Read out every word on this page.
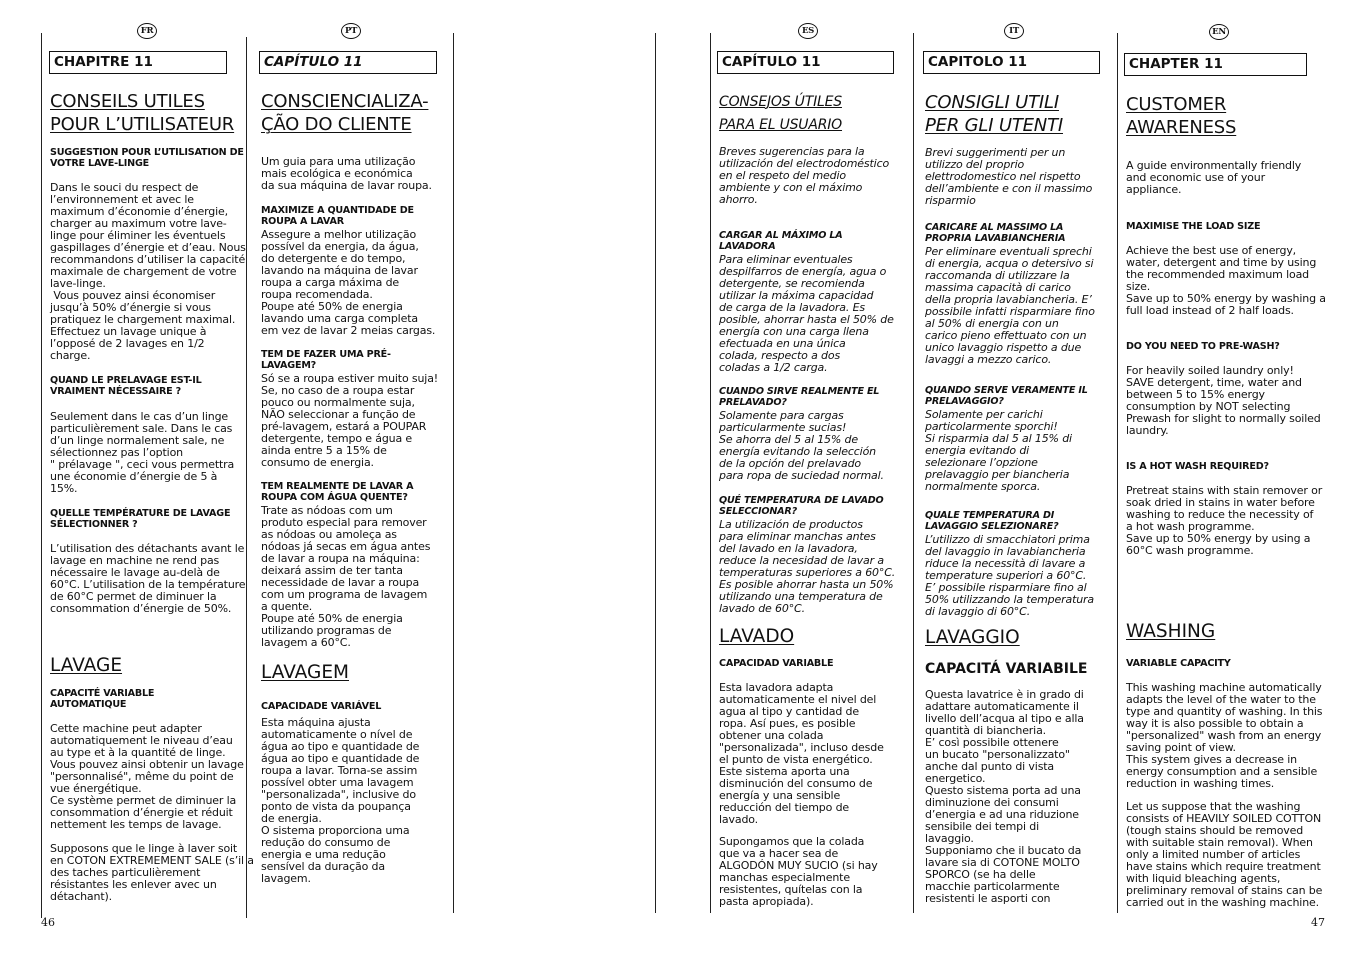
FR
CHAPITRE 11
CONSEILS UTILES
POUR L’UTILISATEUR
SUGGESTION POUR L’UTILISATION DE
VOTRE LAVE-LINGE
Dans le souci du respect de
l’environnement et avec le
maximum d’économie d’énergie,
charger au maximum votre lave-
linge pour éliminer les éventuels
gaspillages d’énergie et d’eau. Nous
recommandons d’utiliser la capacité
maximale de chargement de votre
lave-linge.
Vous pouvez ainsi économiser
jusqu’à 50% d’énergie si vous
pratiquez le chargement maximal.
Effectuez un lavage unique à
l’opposé de 2 lavages en 1/2
charge.
QUAND LE PRELAVAGE EST-IL
VRAIMENT NÉCESSAIRE ?
Seulement dans le cas d’un linge
particulièrement sale. Dans le cas
d’un linge normalement sale, ne
sélectionnez pas l’option
" prélavage ", ceci vous permettra
une économie d’énergie de 5 à
15%.
QUELLE TEMPÉRATURE DE LAVAGE
SÉLECTIONNER ?
L’utilisation des détachants avant le
lavage en machine ne rend pas
nécessaire le lavage au-delà de
60°C. L’utilisation de la température
de 60°C permet de diminuer la
consommation d’énergie de 50%.
LAVAGE
CAPACITÉ VARIABLE
AUTOMATIQUE
Cette machine peut adapter
automatiquement le niveau d’eau
au type et à la quantité de linge.
Vous pouvez ainsi obtenir un lavage
"personnalisé", même du point de
vue énergétique.
Ce système permet de diminuer la
consommation d’énergie et réduit
nettement les temps de lavage.
Supposons que le linge à laver soit
en COTON EXTREMEMENT SALE (s’il a
des taches particulièrement
résistantes les enlever avec un
détachant).
46
PT
CAPÍTULO 11
CONSCIENCIALIZA-
ÇÃO DO CLIENTE
Um guia para uma utilização
mais ecológica e económica
da sua máquina de lavar roupa.
MAXIMIZE A QUANTIDADE DE
ROUPA A LAVAR
Assegure a melhor utilização
possível da energia, da água,
do detergente e do tempo,
lavando na máquina de lavar
roupa a carga máxima de
roupa recomendada.
Poupe até 50% de energia
lavando uma carga completa
em vez de lavar 2 meias cargas.
TEM DE FAZER UMA PRÉ-
LAVAGEM?
Só se a roupa estiver muito suja!
Se, no caso de a roupa estar
pouco ou normalmente suja,
NÃO seleccionar a função de
pré-lavagem, estará a POUPAR
detergente, tempo e água e
ainda entre 5 a 15% de
consumo de energia.
TEM REALMENTE DE LAVAR A
ROUPA COM ÁGUA QUENTE?
Trate as nódoas com um
produto especial para remover
as nódoas ou amoleça as
nódoas já secas em água antes
de lavar a roupa na máquina:
deixará assim de ter tanta
necessidade de lavar a roupa
com um programa de lavagem
a quente.
Poupe até 50% de energia
utilizando programas de
lavagem a 60°C.
LAVAGEM
CAPACIDADE VARIÁVEL
Esta máquina ajusta
automaticamente o nível de
água ao tipo e quantidade de
água ao tipo e quantidade de
roupa a lavar. Torna-se assim
possível obter uma lavagem
"personalizada", inclusive do
ponto de vista da poupança
de energia.
O sistema proporciona uma
redução do consumo de
energia e uma redução
sensível da duração da
lavagem.
ES
CAPÍTULO 11
CONSEJOS ÚTILES
PARA EL USUARIO
Breves sugerencias para la
utilización del electrodoméstico
en el respeto del medio
ambiente y con el máximo
ahorro.
CARGAR AL MÁXIMO LA
LAVADORA
Para eliminar eventuales
despilfarros de energía, agua o
detergente, se recomienda
utilizar la máxima capacidad
de carga de la lavadora. Es
posible, ahorrar hasta el 50% de
energía con una carga llena
efectuada en una única
colada, respecto a dos
coladas a 1/2 carga.
CUANDO SIRVE REALMENTE EL
PRELAVADO?
Solamente para cargas
particularmente sucias!
Se ahorra del 5 al 15% de
energía evitando la selección
de la opción del prelavado
para ropa de suciedad normal.
QUÉ TEMPERATURA DE LAVADO
SELECCIONAR?
La utilización de productos
para eliminar manchas antes
del lavado en la lavadora,
reduce la necesidad de lavar a
temperaturas superiores a 60°C.
Es posible ahorrar hasta un 50%
utilizando una temperatura de
lavado de 60°C.
LAVADO
CAPACIDAD VARIABLE
Esta lavadora adapta
automaticamente el nivel del
agua al tipo y cantidad de
ropa. Así pues, es posible
obtener una colada
"personalizada", incluso desde
el punto de vista energético.
Este sistema aporta una
disminución del consumo de
energía y una sensible
reducción del tiempo de
lavado.
Supongamos que la colada
que va a hacer sea de
ALGODÓN MUY SUCIO (si hay
manchas especialmente
resistentes, quítelas con la
pasta apropiada).
IT
CAPITOLO 11
CONSIGLI UTILI
PER GLI UTENTI
Brevi suggerimenti per un
utilizzo del proprio
elettrodomestico nel rispetto
dell’ambiente e con il massimo
risparmio
CARICARE AL MASSIMO LA
PROPRIA LAVABIANCHERIA
Per eliminare eventuali sprechi
di energia, acqua o detersivo si
raccomanda di utilizzare la
massima capacità di carico
della propria lavabiancheria. E’
possibile infatti risparmiare fino
al 50% di energia con un
carico pieno effettuato con un
unico lavaggio rispetto a due
lavaggi a mezzo carico.
QUANDO SERVE VERAMENTE IL
PRELAVAGGIO?
Solamente per carichi
particolarmente sporchi!
Si risparmia dal 5 al 15% di
energia evitando di
selezionare l’opzione
prelavaggio per biancheria
normalmente sporca.
QUALE TEMPERATURA DI
LAVAGGIO SELEZIONARE?
L’utilizzo di smacchiatori prima
del lavaggio in lavabiancheria
riduce la necessità di lavare a
temperature superiori a 60°C.
E’ possibile risparmiare fino al
50% utilizzando la temperatura
di lavaggio di 60°C.
LAVAGGIO
CAPACITÁ VARIABILE
Questa lavatrice è in grado di
adattare automaticamente il
livello dell’acqua al tipo e alla
quantità di biancheria.
E’ così possibile ottenere
un bucato "personalizzato"
anche dal punto di vista
energetico.
Questo sistema porta ad una
diminuzione dei consumi
d’energia e ad una riduzione
sensibile dei tempi di
lavaggio.
Supponiamo che il bucato da
lavare sia di COTONE MOLTO
SPORCO (se ha delle
macchie particolarmente
resistenti le asporti con
EN
CHAPTER 11
CUSTOMER
AWARENESS
A guide environmentally friendly
and economic use of your
appliance.
MAXIMISE THE LOAD SIZE
Achieve the best use of energy,
water, detergent and time by using
the recommended maximum load
size.
Save up to 50% energy by washing a
full load instead of 2 half loads.
DO YOU NEED TO PRE-WASH?
For heavily soiled laundry only!
SAVE detergent, time, water and
between 5 to 15% energy
consumption by NOT selecting
Prewash for slight to normally soiled
laundry.
IS A HOT WASH REQUIRED?
Pretreat stains with stain remover or
soak dried in stains in water before
washing to reduce the necessity of
a hot wash programme.
Save up to 50% energy by using a
60°C wash programme.
WASHING
VARIABLE CAPACITY
This washing machine automatically
adapts the level of the water to the
type and quantity of washing. In this
way it is also possible to obtain a
"personalized" wash from an energy
saving point of view.
This system gives a decrease in
energy consumption and a sensible
reduction in washing times.
Let us suppose that the washing
consists of HEAVILY SOILED COTTON
(tough stains should be removed
with suitable stain removal). When
only a limited number of articles
have stains which require treatment
with liquid bleaching agents,
preliminary removal of stains can be
carried out in the washing machine.
47
